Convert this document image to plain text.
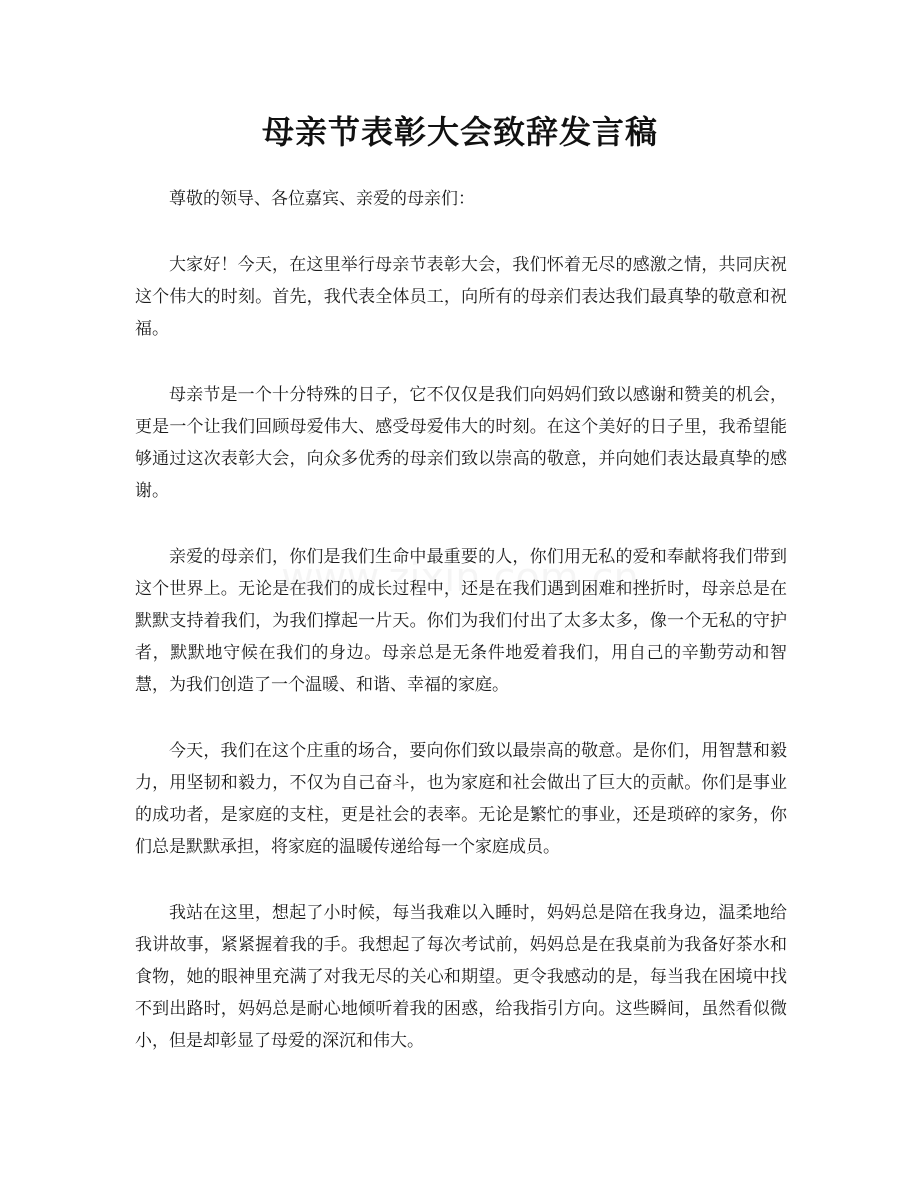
母亲节表彰大会致辞发言稿

尊敬的领导、各位嘉宾、亲爱的母亲们：

大家好！今天，在这里举行母亲节表彰大会，我们怀着无尽的感激之情，共同庆祝这个伟大的时刻。首先，我代表全体员工，向所有的母亲们表达我们最真挚的敬意和祝福。

母亲节是一个十分特殊的日子，它不仅仅是我们向妈妈们致以感谢和赞美的机会，更是一个让我们回顾母爱伟大、感受母爱伟大的时刻。在这个美好的日子里，我希望能够通过这次表彰大会，向众多优秀的母亲们致以崇高的敬意，并向她们表达最真挚的感谢。

亲爱的母亲们，你们是我们生命中最重要的人，你们用无私的爱和奉献将我们带到这个世界上。无论是在我们的成长过程中，还是在我们遇到困难和挫折时，母亲总是在默默支持着我们，为我们撑起一片天。你们为我们付出了太多太多，像一个无私的守护者，默默地守候在我们的身边。母亲总是无条件地爱着我们，用自己的辛勤劳动和智慧，为我们创造了一个温暖、和谐、幸福的家庭。

今天，我们在这个庄重的场合，要向你们致以最崇高的敬意。是你们，用智慧和毅力，用坚韧和毅力，不仅为自己奋斗，也为家庭和社会做出了巨大的贡献。你们是事业的成功者，是家庭的支柱，更是社会的表率。无论是繁忙的事业，还是琐碎的家务，你们总是默默承担，将家庭的温暖传递给每一个家庭成员。

我站在这里，想起了小时候，每当我难以入睡时，妈妈总是陪在我身边，温柔地给我讲故事，紧紧握着我的手。我想起了每次考试前，妈妈总是在我桌前为我备好茶水和食物，她的眼神里充满了对我无尽的关心和期望。更令我感动的是，每当我在困境中找不到出路时，妈妈总是耐心地倾听着我的困惑，给我指引方向。这些瞬间，虽然看似微小，但是却彰显了母爱的深沉和伟大。
